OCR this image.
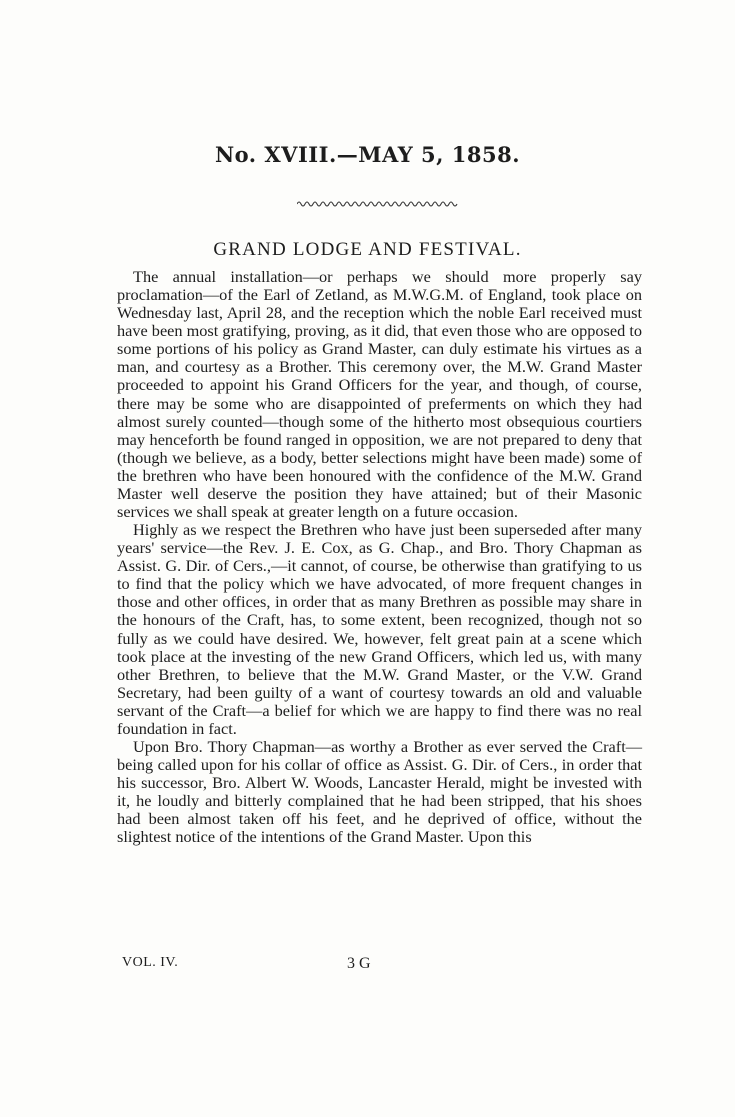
No. XVIII.—MAY 5, 1858.
GRAND LODGE AND FESTIVAL.

The annual installation—or perhaps we should more properly say proclamation—of the Earl of Zetland, as M.W.G.M. of England, took place on Wednesday last, April 28, and the reception which the noble Earl received must have been most gratifying, proving, as it did, that even those who are opposed to some portions of his policy as Grand Master, can duly estimate his virtues as a man, and courtesy as a Brother. This ceremony over, the M.W. Grand Master proceeded to appoint his Grand Officers for the year, and though, of course, there may be some who are disappointed of preferments on which they had almost surely counted—though some of the hitherto most obsequious courtiers may henceforth be found ranged in opposition, we are not prepared to deny that (though we believe, as a body, better selections might have been made) some of the brethren who have been honoured with the confidence of the M.W. Grand Master well deserve the position they have attained; but of their Masonic services we shall speak at greater length on a future occasion.

Highly as we respect the Brethren who have just been superseded after many years' service—the Rev. J. E. Cox, as G. Chap., and Bro. Thory Chapman as Assist. G. Dir. of Cers.,—it cannot, of course, be otherwise than gratifying to us to find that the policy which we have advocated, of more frequent changes in those and other offices, in order that as many Brethren as possible may share in the honours of the Craft, has, to some extent, been recognized, though not so fully as we could have desired. We, however, felt great pain at a scene which took place at the investing of the new Grand Officers, which led us, with many other Brethren, to believe that the M.W. Grand Master, or the V.W. Grand Secretary, had been guilty of a want of courtesy towards an old and valuable servant of the Craft—a belief for which we are happy to find there was no real foundation in fact.

Upon Bro. Thory Chapman—as worthy a Brother as ever served the Craft—being called upon for his collar of office as Assist. G. Dir. of Cers., in order that his successor, Bro. Albert W. Woods, Lancaster Herald, might be invested with it, he loudly and bitterly complained that he had been stripped, that his shoes had been almost taken off his feet, and he deprived of office, without the slightest notice of the intentions of the Grand Master. Upon this

VOL. IV.	3 G
